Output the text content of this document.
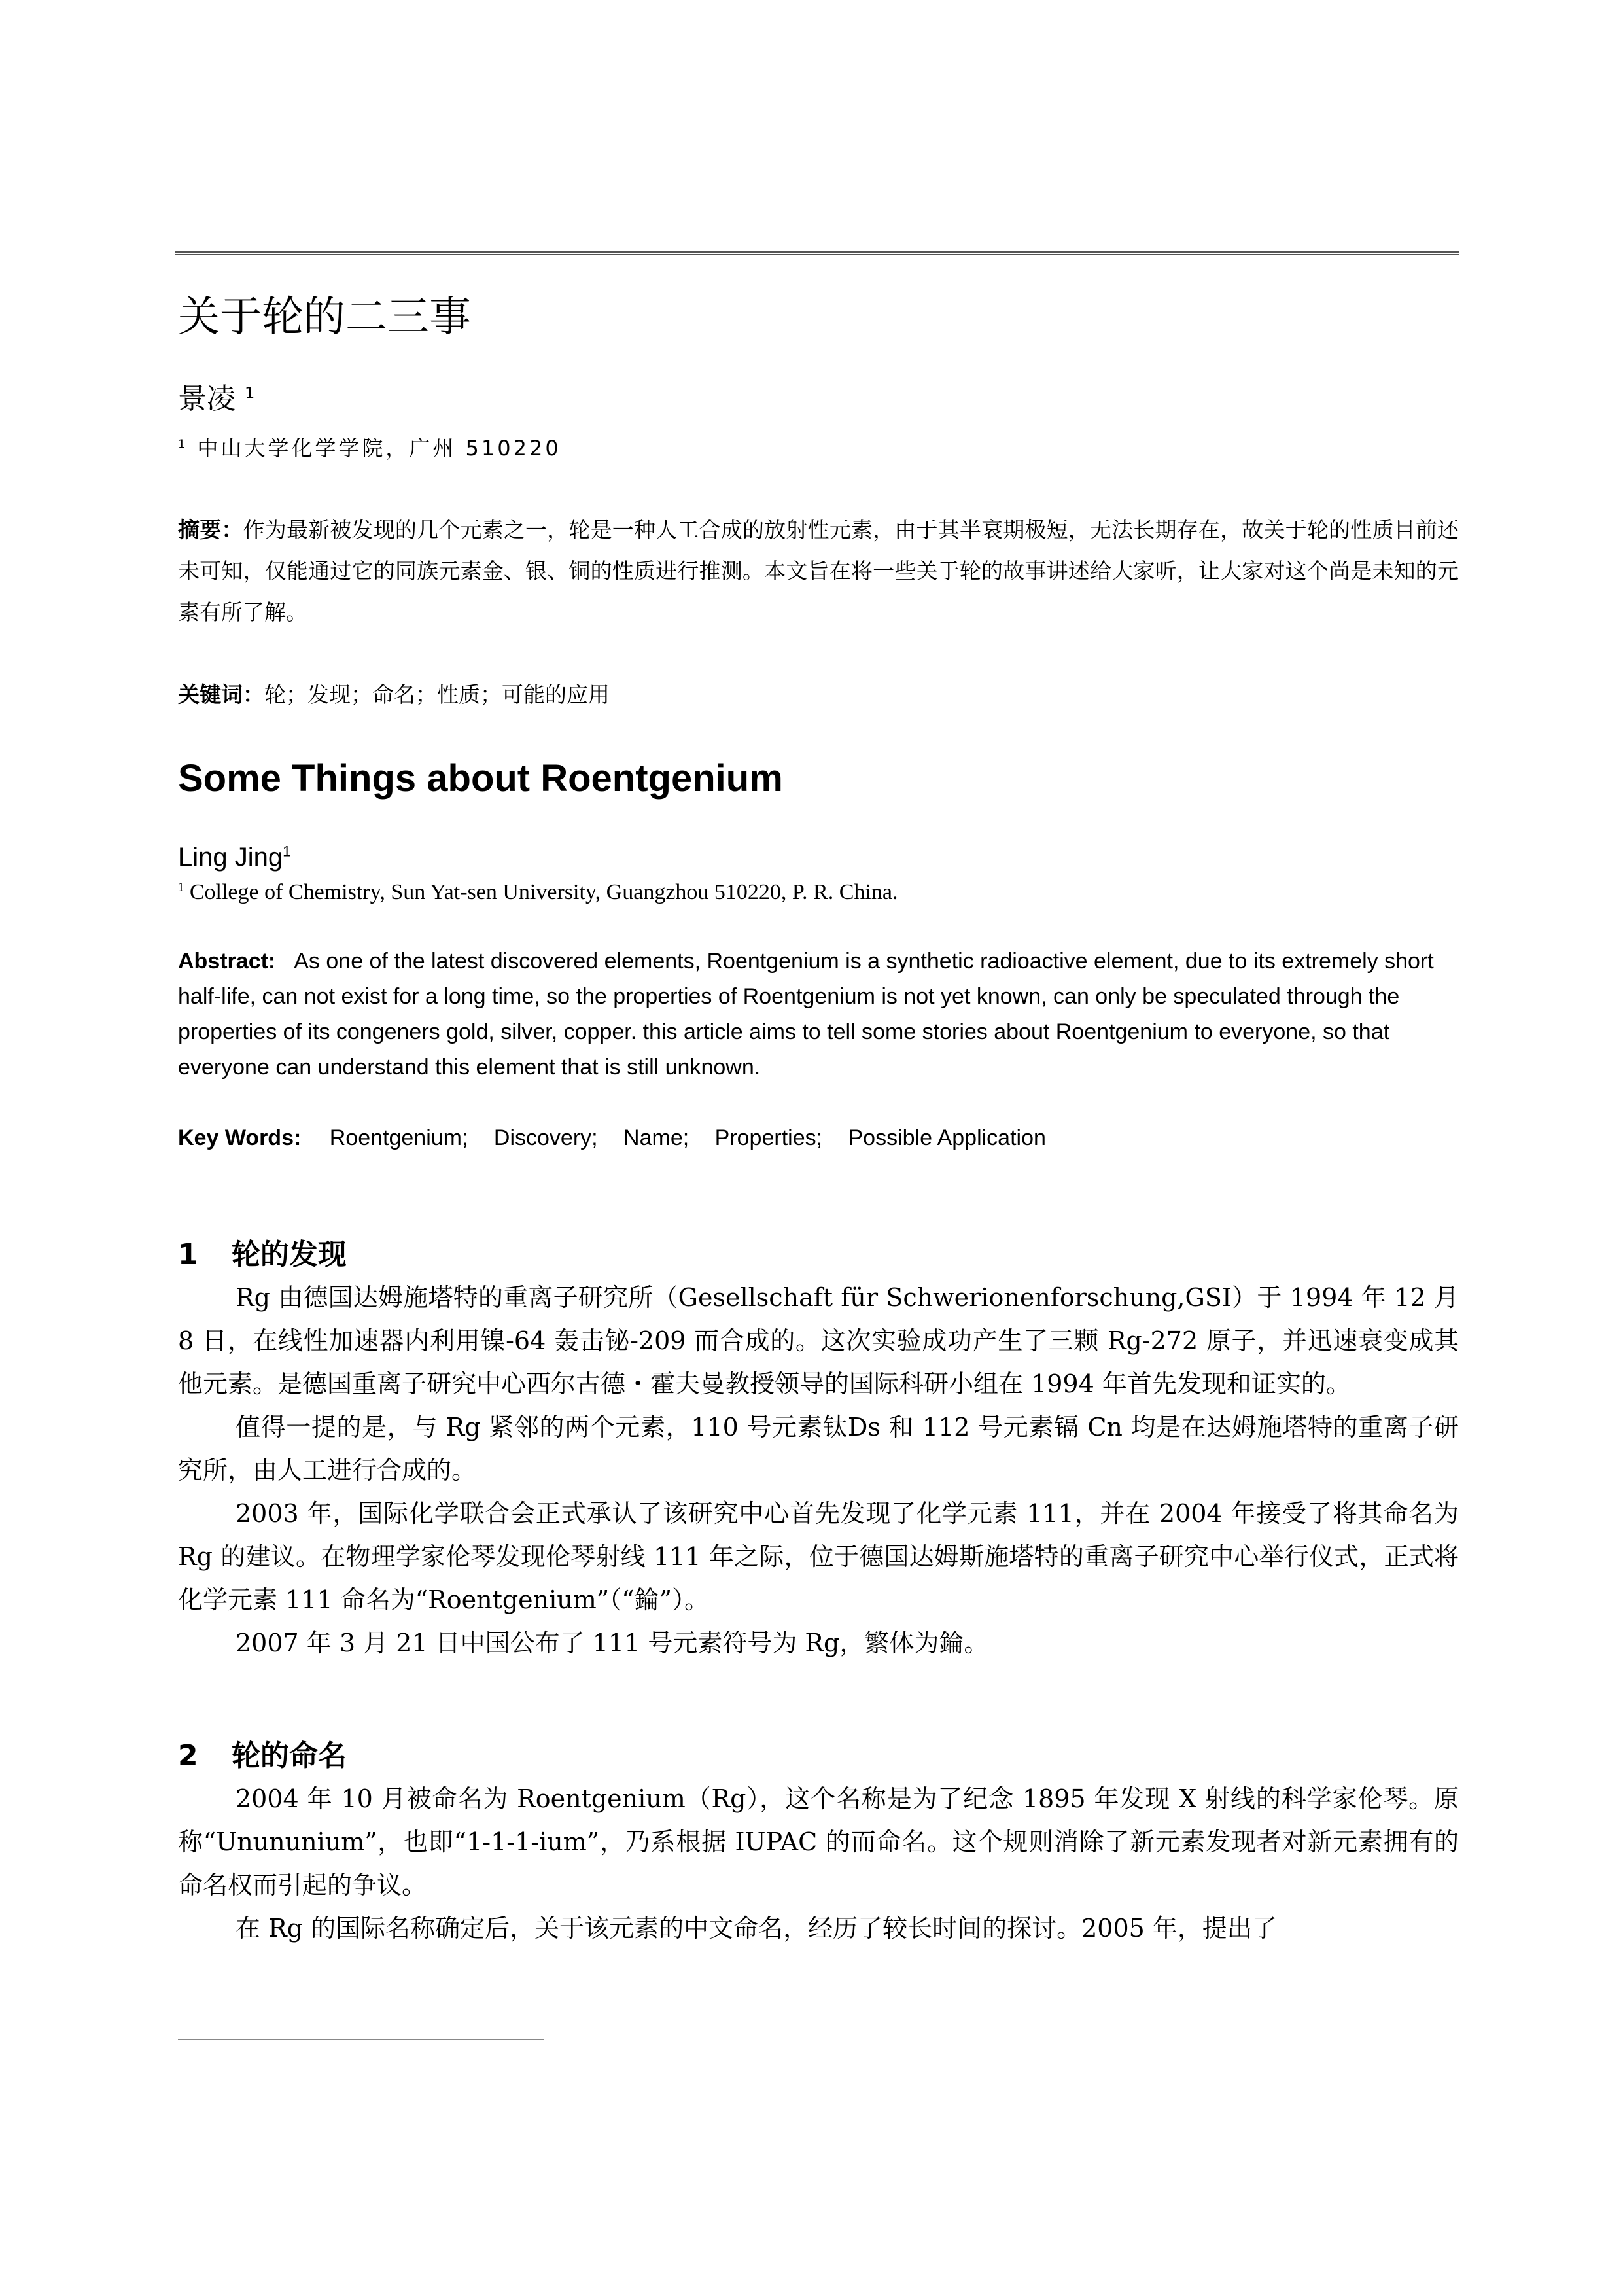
关于轮的二三事
景凌 $^1$
$^1$ 中山大学化学学院，广州 510220
摘要：作为最新被发现的几个元素之一，轮是一种人工合成的放射性元素，由于其半衰期极短，无法长期存在，故关于轮的性质目前还未可知，仅能通过它的同族元素金、银、铜的性质进行推测。本文旨在将一些关于轮的故事讲述给大家听，让大家对这个尚是未知的元素有所了解。
关键词：轮；发现；命名；性质；可能的应用
Some Things about Roentgenium
Ling Jing$^1$
$^1$ College of Chemistry, Sun Yat-sen University, Guangzhou 510220, P. R. China.
Abstract: As one of the latest discovered elements, Roentgenium is a synthetic radioactive element, due to its extremely short half-life, can not exist for a long time, so the properties of Roentgenium is not yet known, can only be speculated through the properties of its congeners gold, silver, copper. this article aims to tell some stories about Roentgenium to everyone, so that everyone can understand this element that is still unknown.
Key Words: Roentgenium; Discovery; Name; Properties; Possible Application
1 轮的发现

Rg 由德国达姆施塔特的重离子研究所（Gesellschaft für Schwerionenforschung,GSI）于 1994 年 12 月 8 日，在线性加速器内利用镍-64 轰击铋-209 而合成的。这次实验成功产生了三颗 Rg-272 原子，并迅速衰变成其他元素。是德国重离子研究中心西尔古德・霍夫曼教授领导的国际科研小组在 1994 年首先发现和证实的。

值得一提的是，与 Rg 紧邻的两个元素，110 号元素钛Ds 和 112 号元素镉 Cn 均是在达姆施塔特的重离子研究所，由人工进行合成的。

2003 年，国际化学联合会正式承认了该研究中心首先发现了化学元素 111，并在 2004 年接受了将其命名为 Rg 的建议。在物理学家伦琴发现伦琴射线 111 年之际，位于德国达姆斯施塔特的重离子研究中心举行仪式，正式将化学元素 111 命名为“Roentgenium”（“錀”）。

2007 年 3 月 21 日中国公布了 111 号元素符号为 Rg，繁体为錀。

2 轮的命名

2004 年 10 月被命名为 Roentgenium（Rg），这个名称是为了纪念 1895 年发现 X 射线的科学家伦琴。原称“Unununium”，也即“1-1-1-ium”，乃系根据 IUPAC 的而命名。这个规则消除了新元素发现者对新元素拥有的命名权而引起的争议。

在 Rg 的国际名称确定后，关于该元素的中文命名，经历了较长时间的探讨。2005 年，提出了
